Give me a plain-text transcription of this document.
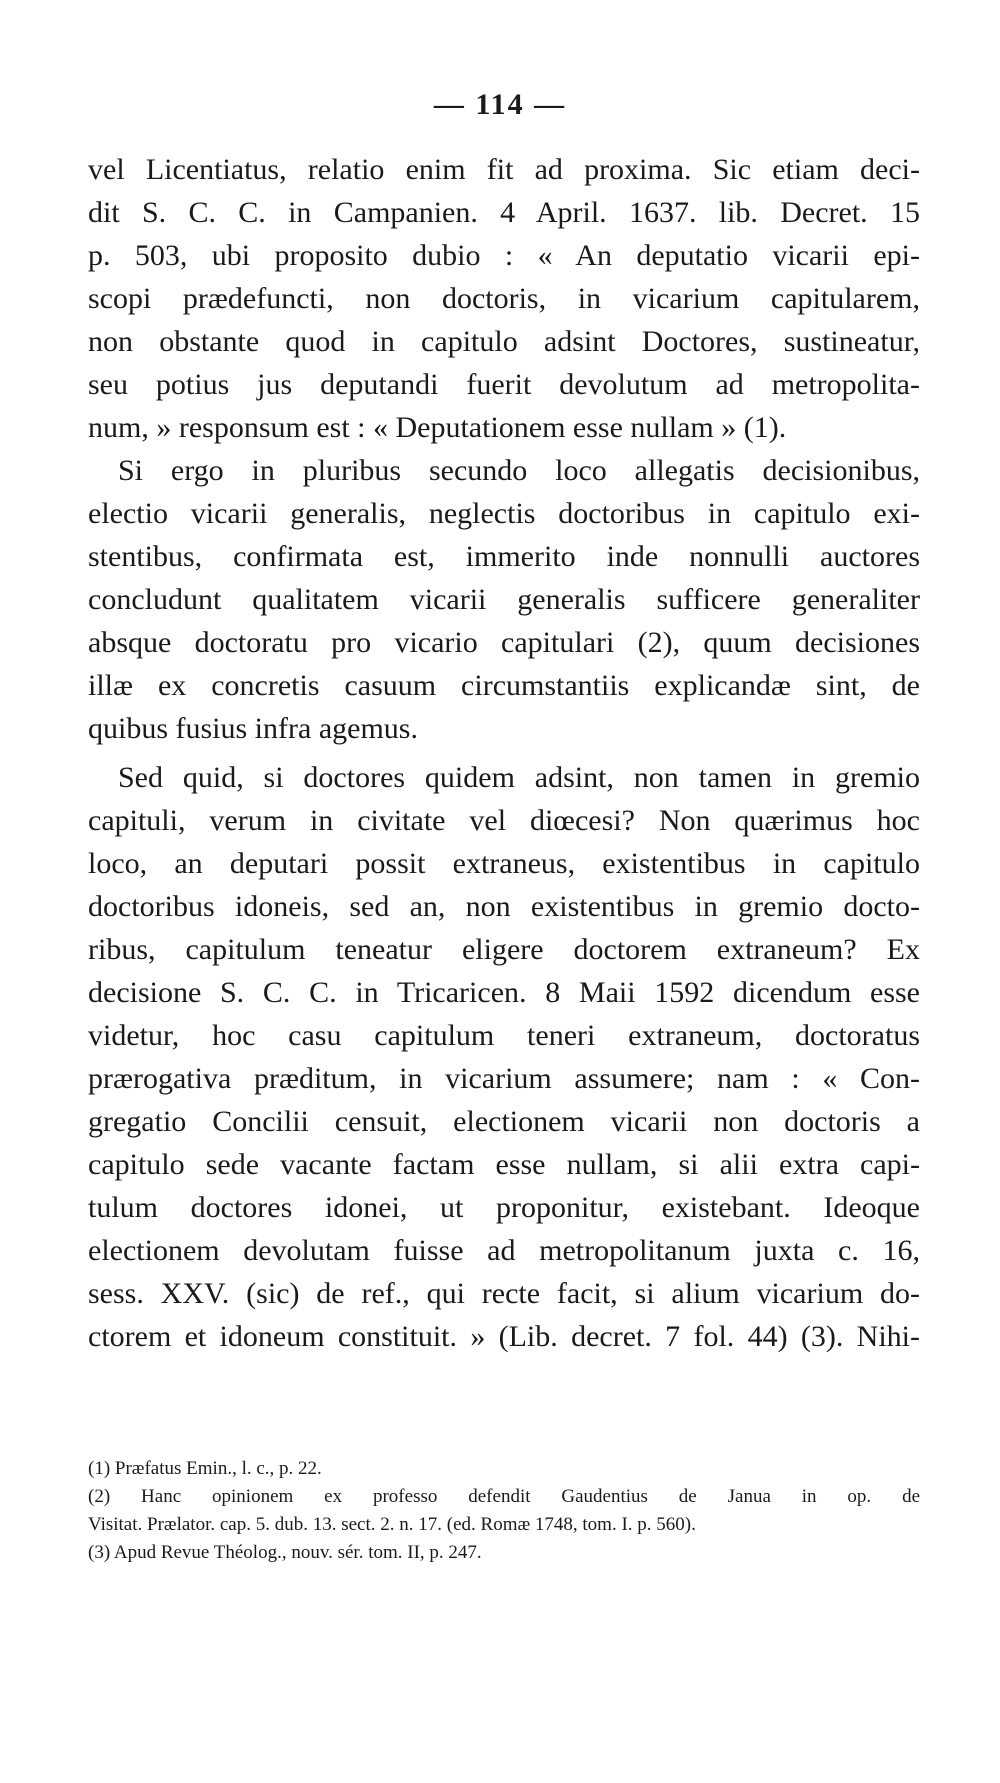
— 114 —
vel Licentiatus, relatio enim fit ad proxima. Sic etiam deci-
dit S. C. C. in Campanien. 4 April. 1637. lib. Decret. 15
p. 503, ubi proposito dubio : « An deputatio vicarii epi-
scopi prædefuncti, non doctoris, in vicarium capitularem,
non obstante quod in capitulo adsint Doctores, sustineatur,
seu potius jus deputandi fuerit devolutum ad metropolita-
num, » responsum est : « Deputationem esse nullam » (1).
Si ergo in pluribus secundo loco allegatis decisionibus,
electio vicarii generalis, neglectis doctoribus in capitulo exi-
stentibus, confirmata est, immerito inde nonnulli auctores
concludunt qualitatem vicarii generalis sufficere generaliter
absque doctoratu pro vicario capitulari (2), quum decisiones
illæ ex concretis casuum circumstantiis explicandæ sint, de
quibus fusius infra agemus.
Sed quid, si doctores quidem adsint, non tamen in gremio
capituli, verum in civitate vel diœcesi? Non quærimus hoc
loco, an deputari possit extraneus, existentibus in capitulo
doctoribus idoneis, sed an, non existentibus in gremio docto-
ribus, capitulum teneatur eligere doctorem extraneum? Ex
decisione S. C. C. in Tricaricen. 8 Maii 1592 dicendum esse
videtur, hoc casu capitulum teneri extraneum, doctoratus
prærogativa præditum, in vicarium assumere; nam : « Con-
gregatio Concilii censuit, electionem vicarii non doctoris a
capitulo sede vacante factam esse nullam, si alii extra capi-
tulum doctores idonei, ut proponitur, existebant. Ideoque
electionem devolutam fuisse ad metropolitanum juxta c. 16,
sess. XXV. (sic) de ref., qui recte facit, si alium vicarium do-
ctorem et idoneum constituit. » (Lib. decret. 7 fol. 44) (3). Nihi-
(1) Præfatus Emin., l. c., p. 22.
(2) Hanc opinionem ex professo defendit Gaudentius de Janua in op. de
Visitat. Prælator. cap. 5. dub. 13. sect. 2. n. 17. (ed. Romæ 1748, tom. I. p. 560).
(3) Apud Revue Théolog., nouv. sér. tom. II, p. 247.
